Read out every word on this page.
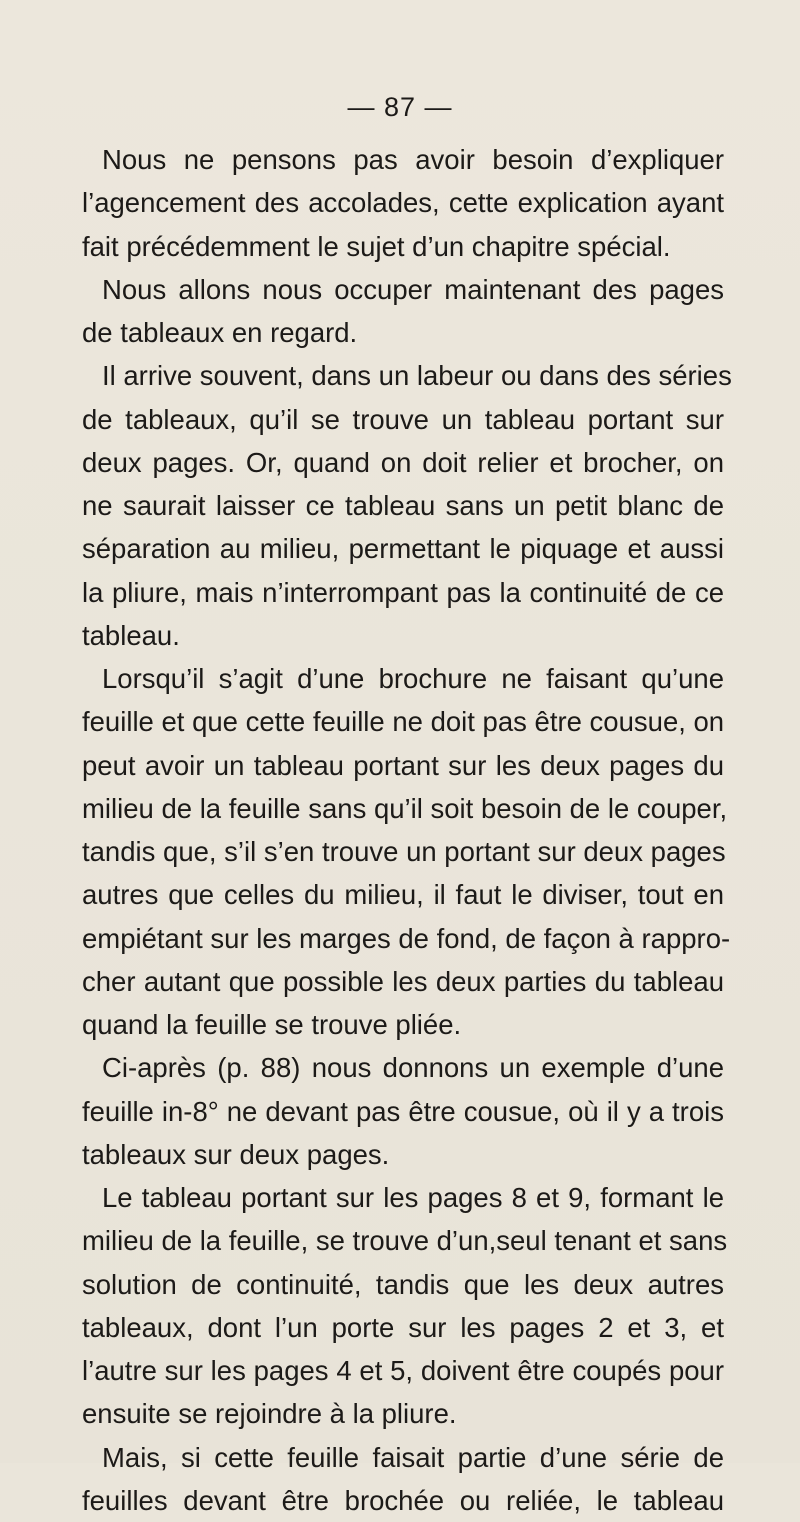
— 87 —
Nous ne pensons pas avoir besoin d’expliquer
l’agencement des accolades, cette explication ayant
fait précédemment le sujet d’un chapitre spécial.
Nous allons nous occuper maintenant des pages
de tableaux en regard.
Il arrive souvent, dans un labeur ou dans des séries
de tableaux, qu’il se trouve un tableau portant sur
deux pages. Or, quand on doit relier et brocher, on
ne saurait laisser ce tableau sans un petit blanc de
séparation au milieu, permettant le piquage et aussi
la pliure, mais n’interrompant pas la continuité de ce
tableau.
Lorsqu’il s’agit d’une brochure ne faisant qu’une
feuille et que cette feuille ne doit pas être cousue, on
peut avoir un tableau portant sur les deux pages du
milieu de la feuille sans qu’il soit besoin de le couper,
tandis que, s’il s’en trouve un portant sur deux pages
autres que celles du milieu, il faut le diviser, tout en
empiétant sur les marges de fond, de façon à rappro-
cher autant que possible les deux parties du tableau
quand la feuille se trouve pliée.
Ci-après (p. 88) nous donnons un exemple d’une
feuille in-8° ne devant pas être cousue, où il y a trois
tableaux sur deux pages.
Le tableau portant sur les pages 8 et 9, formant le
milieu de la feuille, se trouve d’un,seul tenant et sans
solution de continuité, tandis que les deux autres
tableaux, dont l’un porte sur les pages 2 et 3, et
l’autre sur les pages 4 et 5, doivent être coupés pour
ensuite se rejoindre à la pliure.
Mais, si cette feuille faisait partie d’une série de
feuilles devant être brochée ou reliée, le tableau
